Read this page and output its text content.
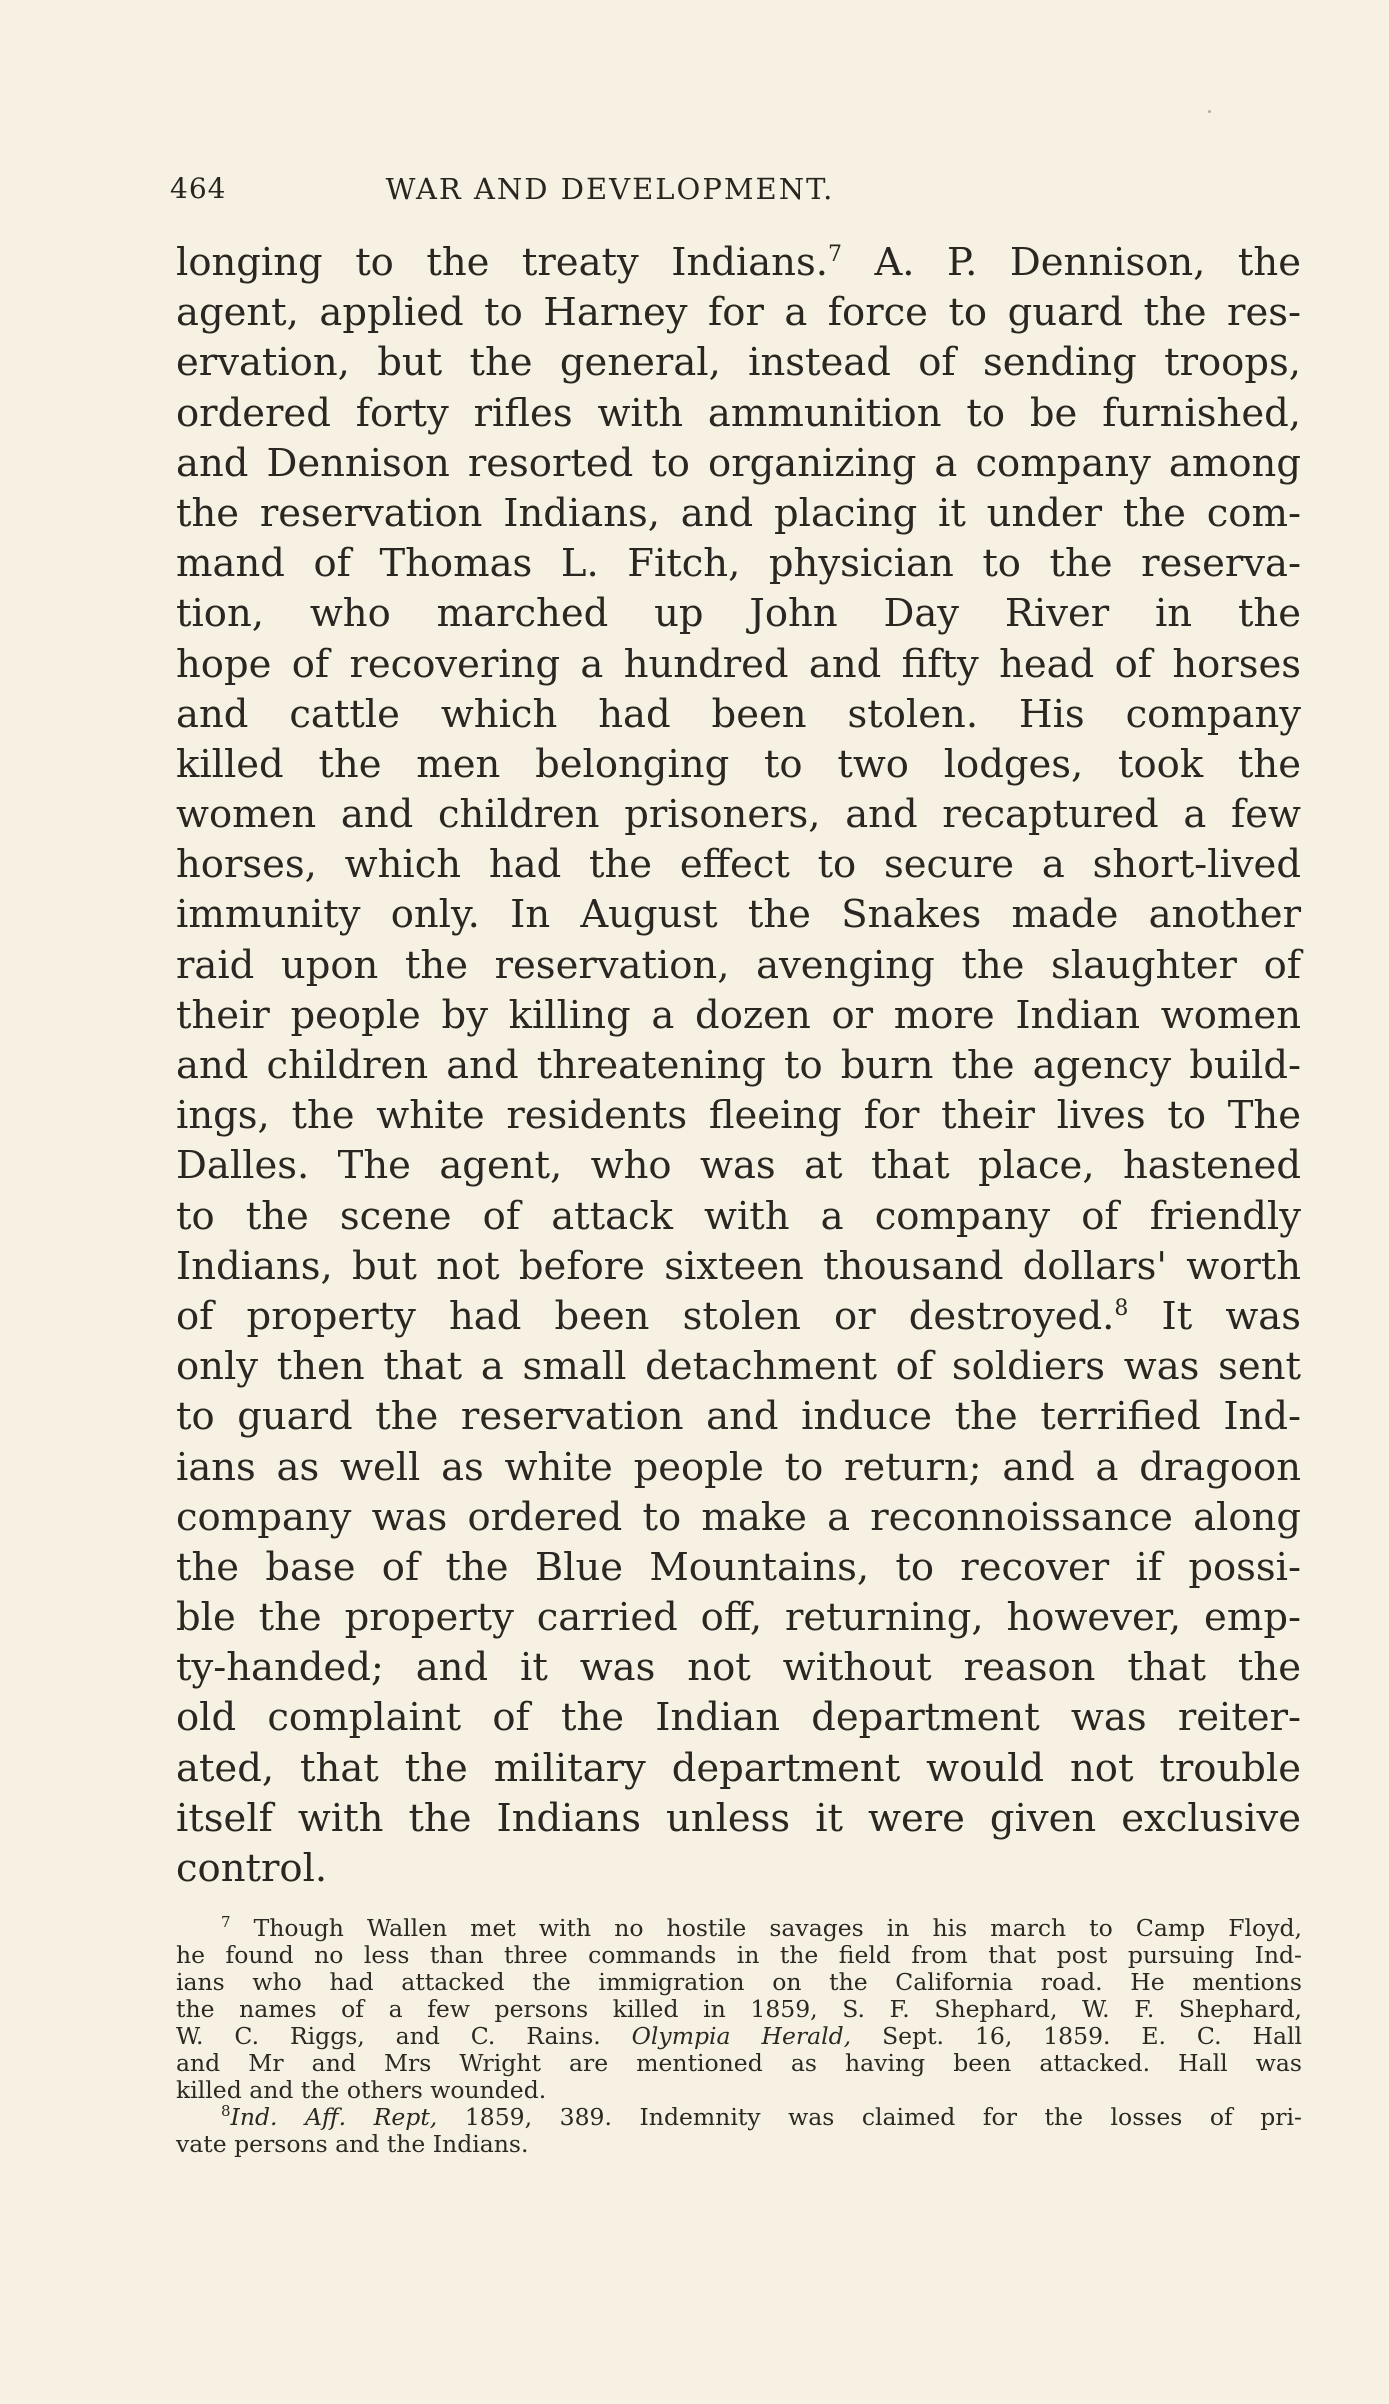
464	WAR AND DEVELOPMENT.
longing to the treaty Indians.$^7$ A. P. Dennison, the
agent, applied to Harney for a force to guard the res-
ervation, but the general, instead of sending troops,
ordered forty rifles with ammunition to be furnished,
and Dennison resorted to organizing a company among
the reservation Indians, and placing it under the com-
mand of Thomas L. Fitch, physician to the reserva-
tion, who marched up John Day River in the
hope of recovering a hundred and fifty head of horses
and cattle which had been stolen. His company
killed the men belonging to two lodges, took the
women and children prisoners, and recaptured a few
horses, which had the effect to secure a short-lived
immunity only. In August the Snakes made another
raid upon the reservation, avenging the slaughter of
their people by killing a dozen or more Indian women
and children and threatening to burn the agency build-
ings, the white residents fleeing for their lives to The
Dalles. The agent, who was at that place, hastened
to the scene of attack with a company of friendly
Indians, but not before sixteen thousand dollars' worth
of property had been stolen or destroyed.$^8$ It was
only then that a small detachment of soldiers was sent
to guard the reservation and induce the terrified Ind-
ians as well as white people to return; and a dragoon
company was ordered to make a reconnoissance along
the base of the Blue Mountains, to recover if possi-
ble the property carried off, returning, however, emp-
ty-handed; and it was not without reason that the
old complaint of the Indian department was reiter-
ated, that the military department would not trouble
itself with the Indians unless it were given exclusive
control.
$^7$ Though Wallen met with no hostile savages in his march to Camp Floyd,
he found no less than three commands in the field from that post pursuing Ind-
ians who had attacked the immigration on the California road. He mentions
the names of a few persons killed in 1859, S. F. Shephard, W. F. Shephard,
W. C. Riggs, and C. Rains. Olympia Herald, Sept. 16, 1859. E. C. Hall
and Mr and Mrs Wright are mentioned as having been attacked. Hall was
killed and the others wounded.
$^8$Ind. Aff. Rept, 1859, 389. Indemnity was claimed for the losses of pri-
vate persons and the Indians.
